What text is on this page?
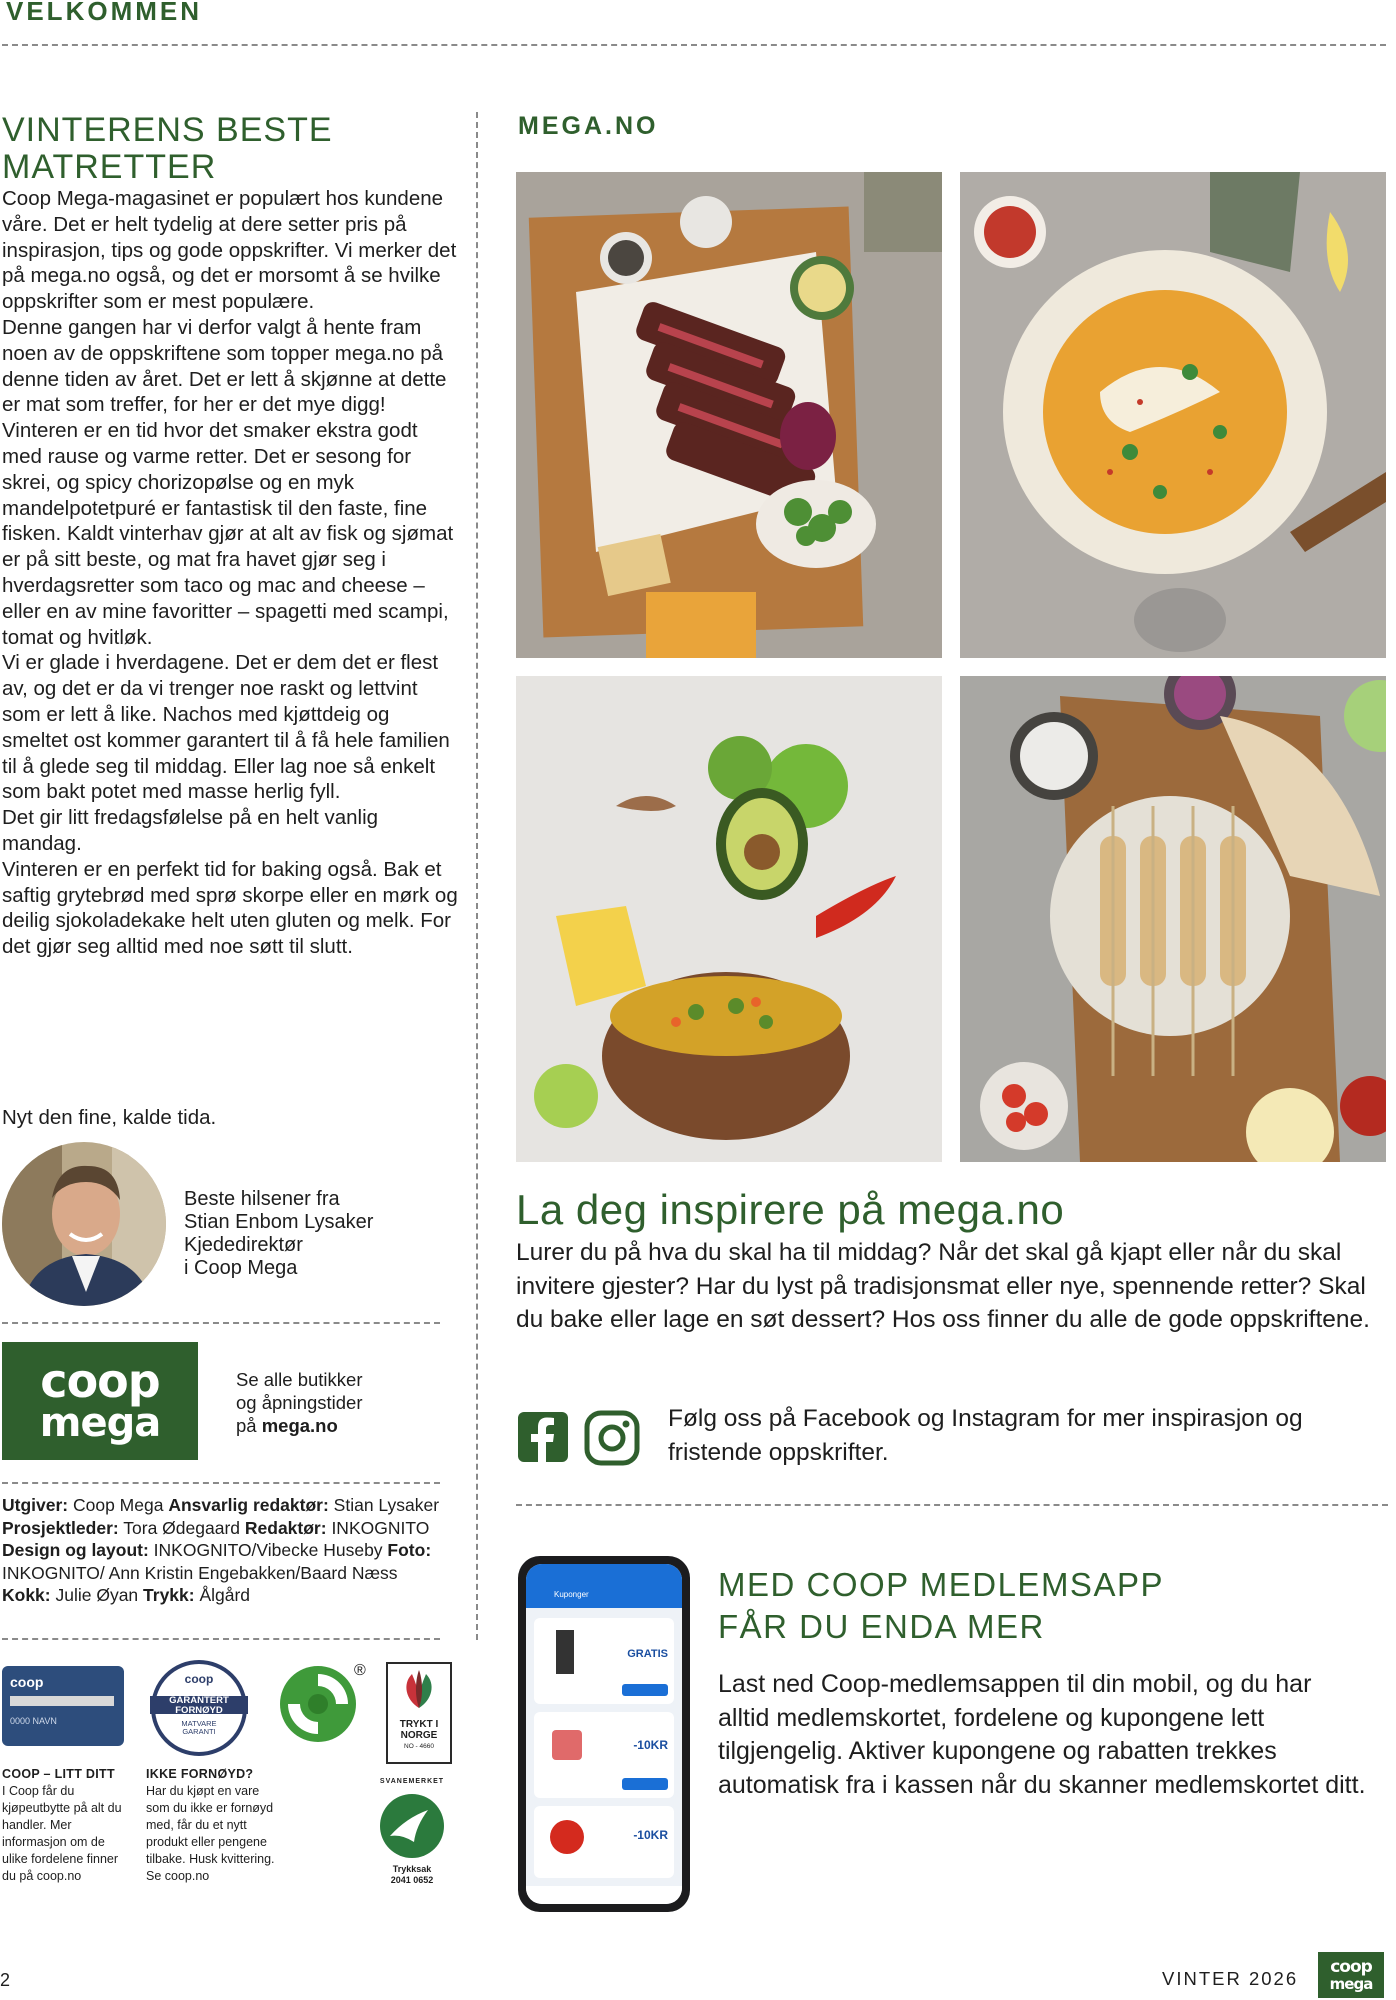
VELKOMMEN
VINTERENS BESTE MATRETTER

Coop Mega-magasinet er populært hos kundene våre. Det er helt tydelig at dere setter pris på inspirasjon, tips og gode oppskrifter. Vi merker det på mega.no også, og det er morsomt å se hvilke oppskrifter som er mest populære.

Denne gangen har vi derfor valgt å hente fram noen av de oppskriftene som topper mega.no på denne tiden av året. Det er lett å skjønne at dette er mat som treffer, for her er det mye digg!

Vinteren er en tid hvor det smaker ekstra godt med rause og varme retter. Det er sesong for skrei, og spicy chorizopølse og en myk mandelpotetpuré er fantastisk til den faste, fine fisken. Kaldt vinterhav gjør at alt av fisk og sjømat er på sitt beste, og mat fra havet gjør seg i hverdagsretter som taco og mac and cheese – eller en av mine favoritter – spagetti med scampi, tomat og hvitløk.

Vi er glade i hverdagene. Det er dem det er flest av, og det er da vi trenger noe raskt og lettvint som er lett å like. Nachos med kjøttdeig og smeltet ost kommer garantert til å få hele familien til å glede seg til middag. Eller lag noe så enkelt som bakt potet med masse herlig fyll.

Det gir litt fredagsfølelse på en helt vanlig mandag.

Vinteren er en perfekt tid for baking også. Bak et saftig grytebrød med sprø skorpe eller en mørk og deilig sjokoladekake helt uten gluten og melk. For det gjør seg alltid med noe søtt til slutt.

Nyt den fine, kalde tida.
Beste hilsener fra
Stian Enbom Lysaker
Kjededirektør
i Coop Mega
coop
mega
Se alle butikker
og åpningstider
på mega.no
Utgiver: Coop Mega Ansvarlig redaktør: Stian Lysaker Prosjektleder: Tora Ødegaard Redaktør: INKOGNITO Design og layout: INKOGNITO/Vibecke Huseby Foto: INKOGNITO/ Ann Kristin Engebakken/Baard Næss Kokk: Julie Øyan Trykk: Ålgård
coop
0000 NAVN
COOP – LITT DITT
I Coop får du kjøpeutbytte på alt du handler. Mer informasjon om de ulike fordelene finner du på coop.no
coop
GARANTERT FORNØYD
MATVARE GARANTI
IKKE FORNØYD?
Har du kjøpt en vare som du ikke er fornøyd med, får du et nytt produkt eller pengene tilbake. Husk kvittering. Se coop.no
®
TRYKT I
NORGE
NO - 4660
SVANEMERKET
Trykksak
2041 0652
MEGA.NO
La deg inspirere på mega.no
Lurer du på hva du skal ha til middag? Når det skal gå kjapt eller når du skal invitere gjester? Har du lyst på tradisjonsmat eller nye, spennende retter? Skal du bake eller lage en søt dessert? Hos oss finner du alle de gode oppskriftene.
Følg oss på Facebook og Instagram for mer inspirasjon og fristende oppskrifter.
Kuponger
GRATIS
-10KR
-10KR
MED COOP MEDLEMSAPP
FÅR DU ENDA MER
Last ned Coop-medlemsappen til din mobil, og du har alltid medlemskortet, fordelene og kupongene lett tilgjengelig. Aktiver kupongene og rabatten trekkes automatisk fra i kassen når du skanner medlemskortet ditt.
2	VINTER 2026
coop
mega
